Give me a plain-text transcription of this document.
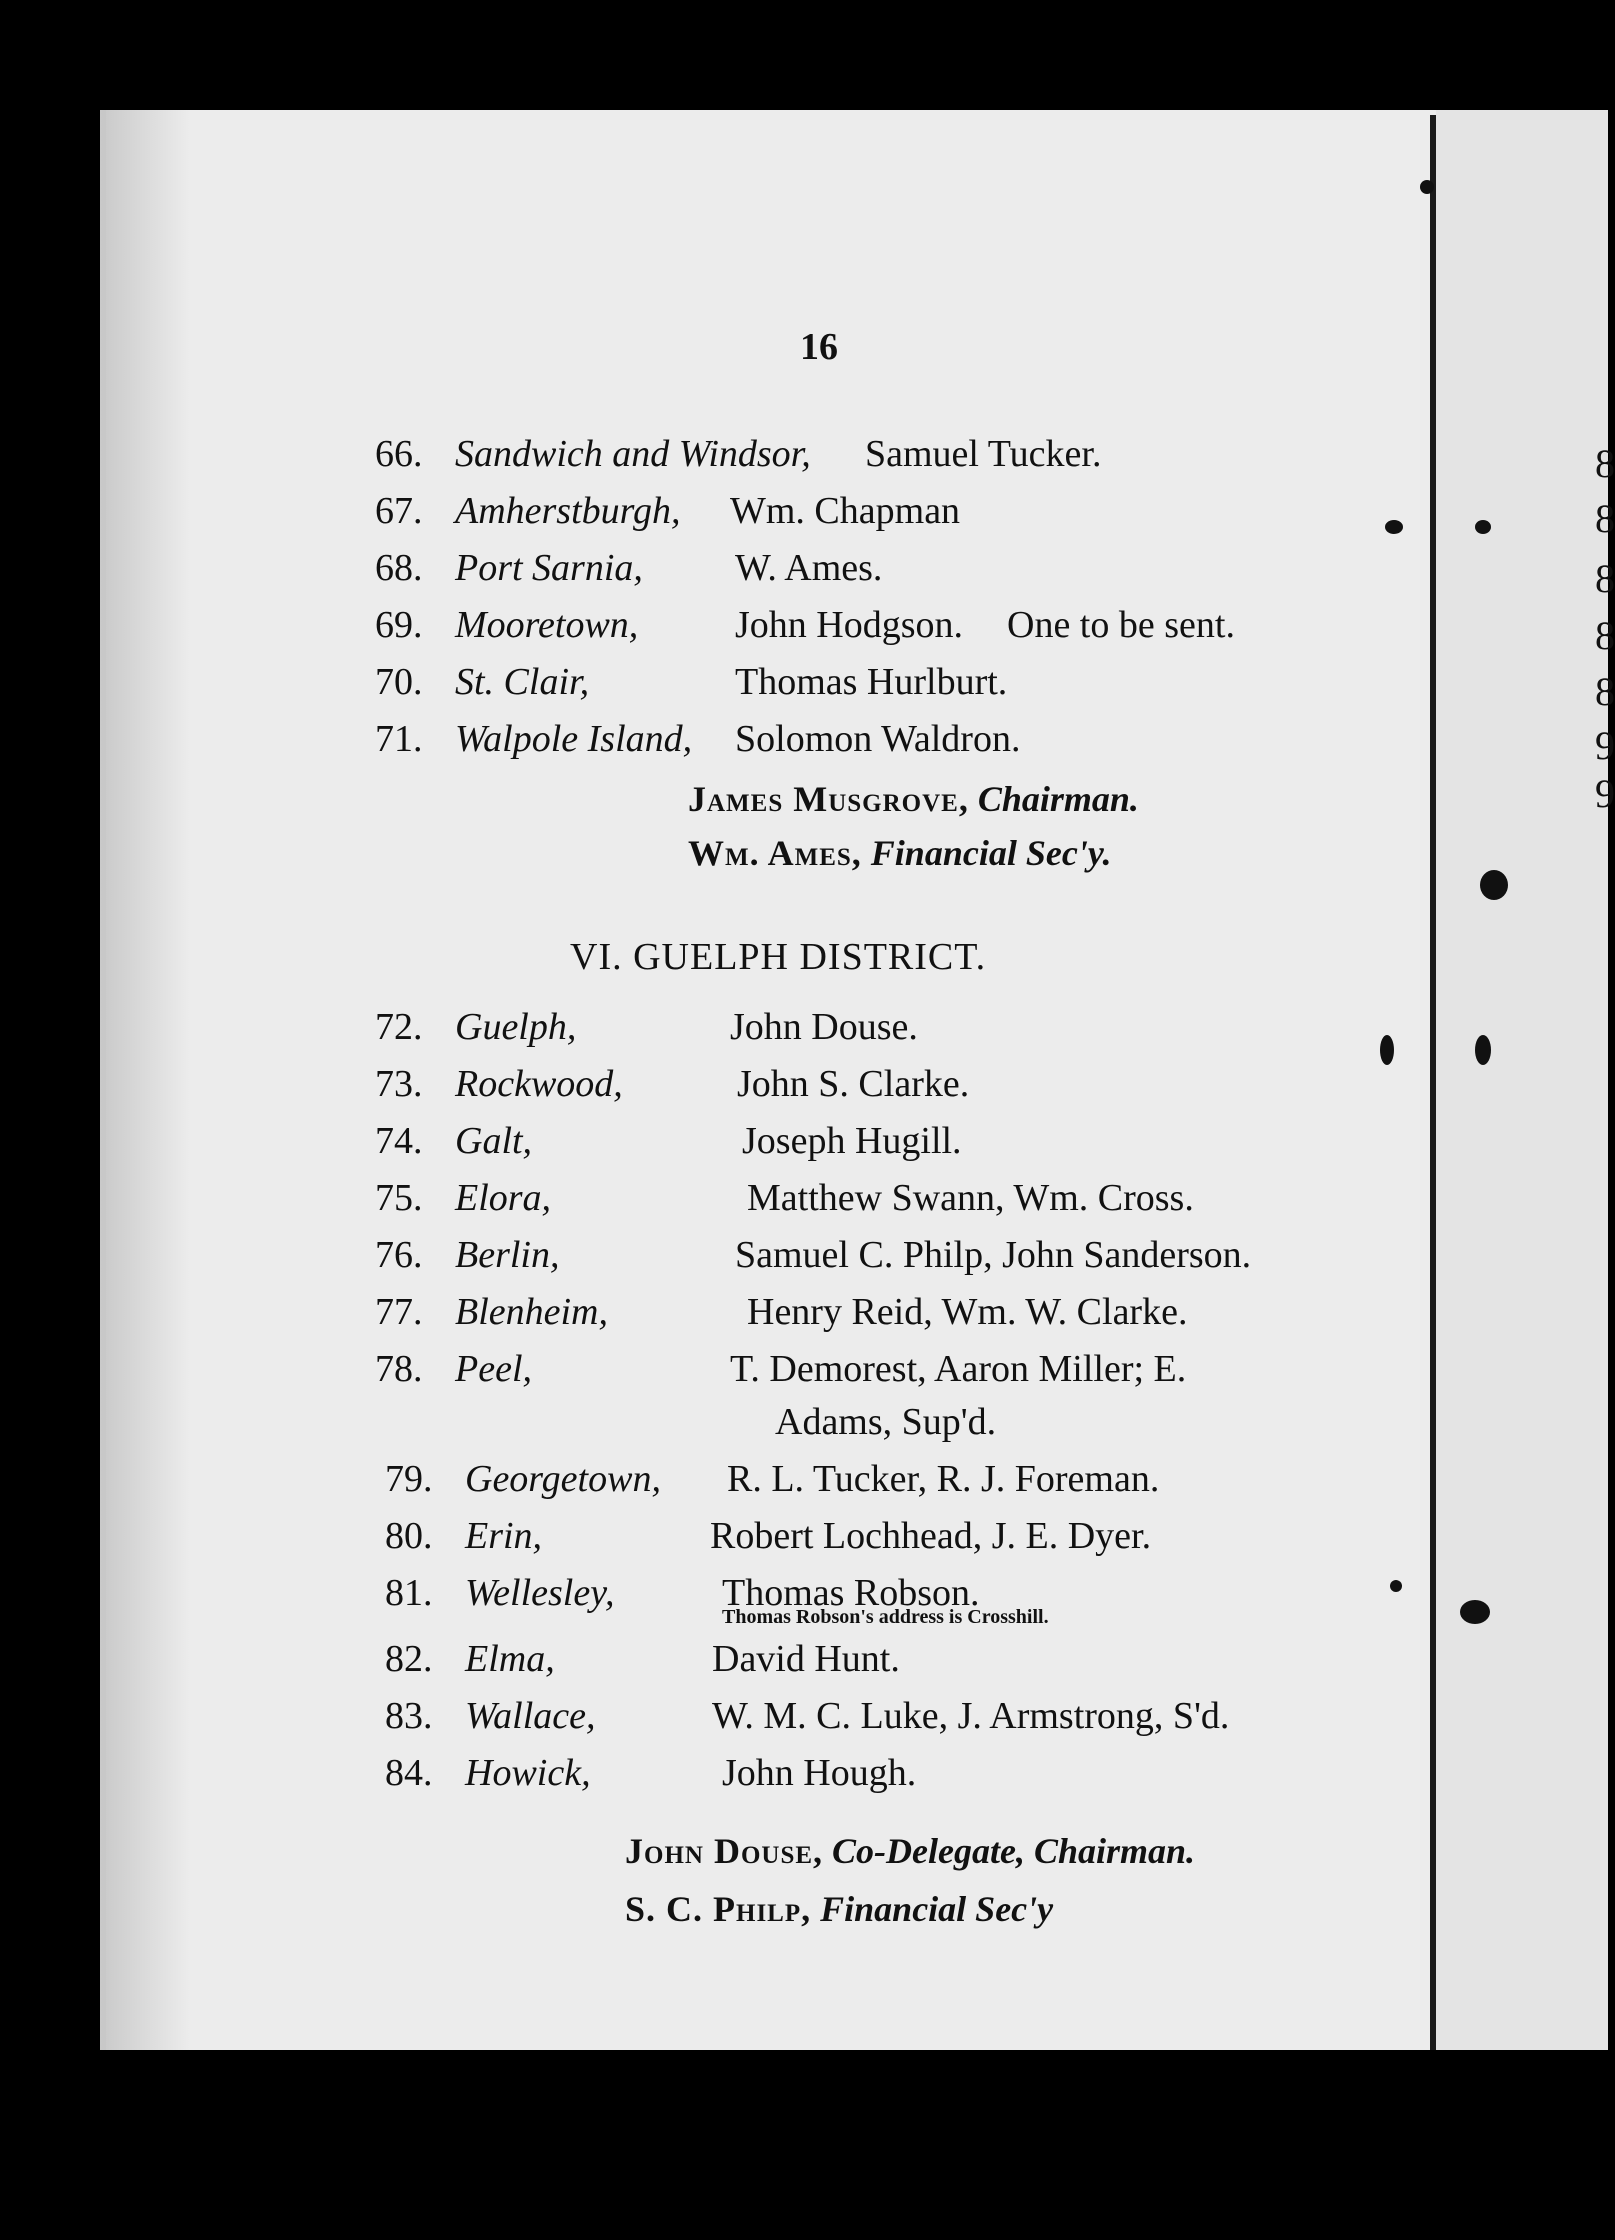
8
8
8
8
8
9
9
16
66. Sandwich and Windsor, Samuel Tucker.
67. Amherstburgh, Wm. Chapman
68. Port Sarnia, W. Ames.
69. Mooretown,	John Hodgson. One to be sent.
70. St. Clair,	Thomas Hurlburt.
71. Walpole Island, Solomon Waldron.
James Musgrove, Chairman.
Wm. Ames, Financial Sec'y.
VI. GUELPH DISTRICT.
72. Guelph,	John Douse.
73. Rockwood,	John S. Clarke.
74. Galt,	Joseph Hugill.
75. Elora,	Matthew Swann, Wm. Cross.
76. Berlin,	Samuel C. Philp, John Sanderson.
77. Blenheim,	Henry Reid, Wm. W. Clarke.
78. Peel,	T. Demorest, Aaron Miller; E.
Adams, Sup'd.
79. Georgetown, R. L. Tucker, R. J. Foreman.
80. Erin,	Robert Lochhead, J. E. Dyer.
81. Wellesley,	Thomas Robson.
Thomas Robson's address is Crosshill.
82. Elma,	David Hunt.
83. Wallace,	W. M. C. Luke, J. Armstrong, S'd.
84. Howick,	John Hough.
John Douse, Co-Delegate, Chairman.
S. C. Philp, Financial Sec'y
